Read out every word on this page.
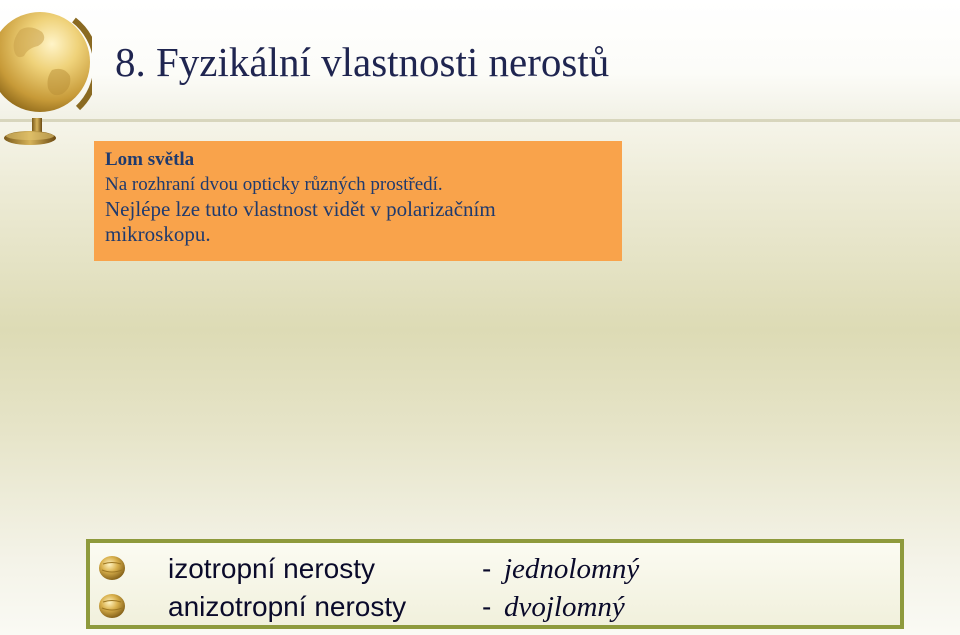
8. Fyzikální vlastnosti nerostů
Lom světla
Na rozhraní dvou opticky různých prostředí.
Nejlépe lze tuto vlastnost vidět v polarizačním
mikroskopu.
izotropní nerosty	- jednolomný
anizotropní nerosty	- dvojlomný
